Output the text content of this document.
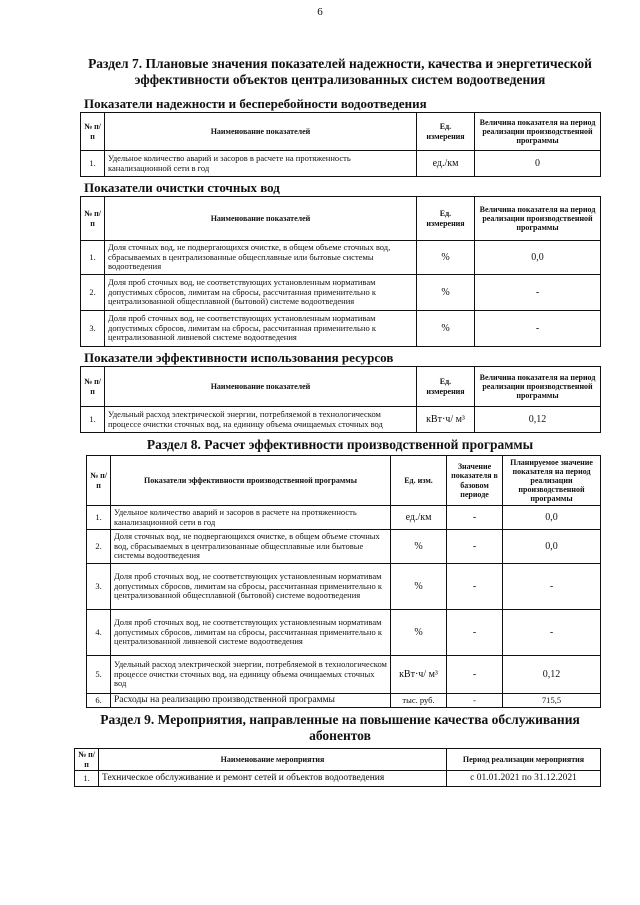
6
Раздел 7. Плановые значения показателей надежности, качества и энергетической
эффективности объектов централизованных систем водоотведения
Показатели надежности и бесперебойности водоотведения
№ п/п	Наименование показателей	Ед. измерения	Величина показателя на период реализации производственной программы
1.	Удельное количество аварий и засоров в расчете на протяженность канализационной сети в год	ед./км	0
Показатели очистки сточных вод
№ п/п	Наименование показателей	Ед. измерения	Величина показателя на период реализации производственной программы
1.	Доля сточных вод, не подвергающихся очистке, в общем объеме сточных вод, сбрасываемых в централизованные общесплавные или бытовые системы водоотведения	%	0,0
2.	Доля проб сточных вод, не соответствующих установленным нормативам допустимых сбросов, лимитам на сбросы, рассчитанная применительно к централизованной общесплавной (бытовой) системе водоотведения	%	-
3.	Доля проб сточных вод, не соответствующих установленным нормативам допустимых сбросов, лимитам на сбросы, рассчитанная применительно к централизованной ливневой системе водоотведения	%	-
Показатели эффективности использования ресурсов
№ п/п	Наименование показателей	Ед. измерения	Величина показателя на период реализации производственной программы
1.	Удельный расход электрической энергии, потребляемой в технологическом процессе очистки сточных вод, на единицу объема очищаемых сточных вод	кВт·ч/ м³	0,12
Раздел 8. Расчет эффективности производственной программы
№ п/п	Показатели эффективности производственной программы	Ед. изм.	Значение показателя в базовом периоде	Планируемое значение показателя на период реализации производственной программы
1.	Удельное количество аварий и засоров в расчете на протяженность канализационной сети в год	ед./км	-	0,0
2.	Доля сточных вод, не подвергающихся очистке, в общем объеме сточных вод, сбрасываемых в централизованные общесплавные или бытовые системы водоотведения	%	-	0,0
3.	Доля проб сточных вод, не соответствующих установленным нормативам допустимых сбросов, лимитам на сбросы, рассчитанная применительно к централизованной общесплавной (бытовой) системе водоотведения	%	-	-
4.	Доля проб сточных вод, не соответствующих установленным нормативам допустимых сбросов, лимитам на сбросы, рассчитанная применительно к централизованной ливневой системе водоотведения	%	-	-
5.	Удельный расход электрической энергии, потребляемой в технологическом процессе очистки сточных вод, на единицу объема очищаемых сточных вод	кВт·ч/ м³	-	0,12
6.	Расходы на реализацию производственной программы	тыс. руб.	-	715,5
Раздел 9. Мероприятия, направленные на повышение качества обслуживания
абонентов
№ п/п	Наименование мероприятия	Период реализации мероприятия
1.	Техническое обслуживание и ремонт сетей и объектов водоотведения	с 01.01.2021 по 31.12.2021
